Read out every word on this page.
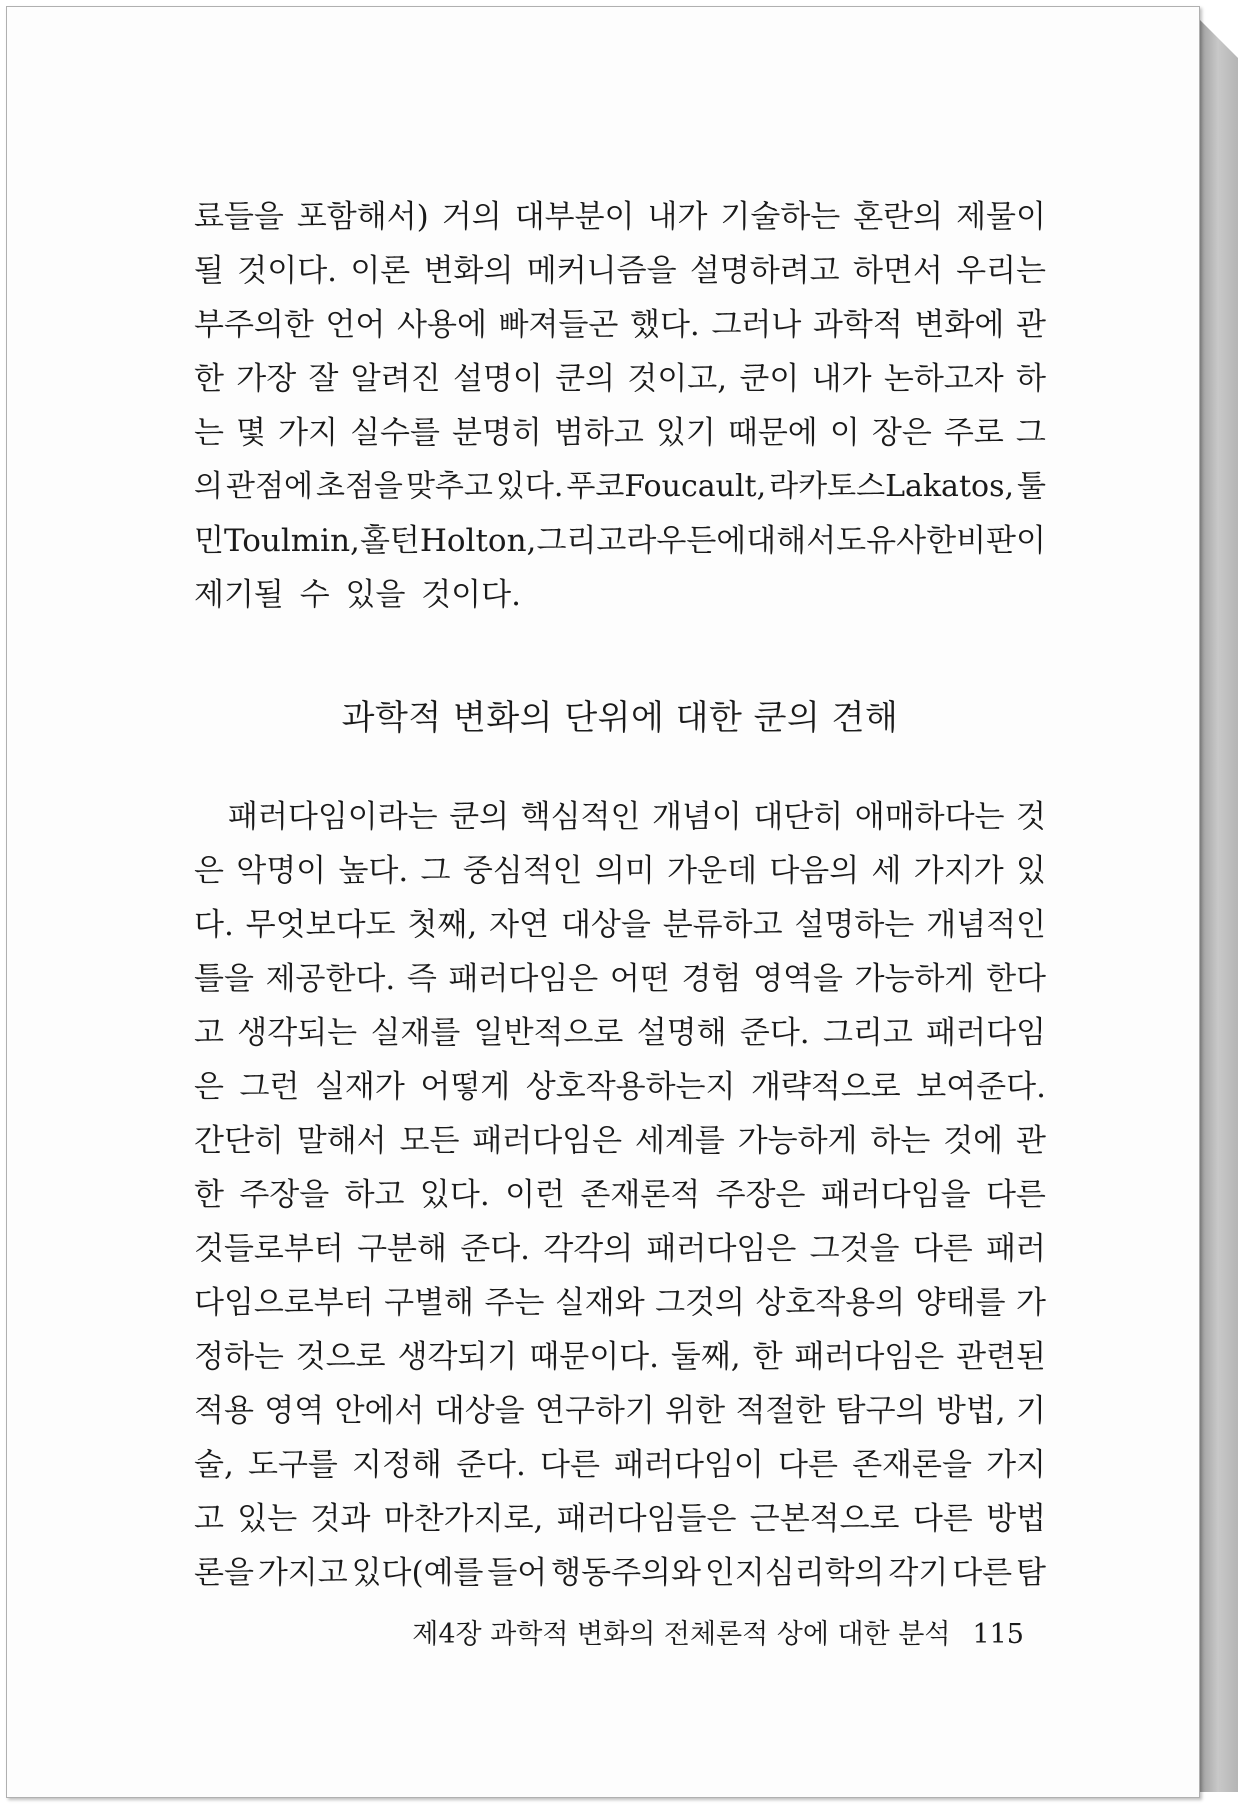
료들을 포함해서) 거의 대부분이 내가 기술하는 혼란의 제물이
될 것이다. 이론 변화의 메커니즘을 설명하려고 하면서 우리는
부주의한 언어 사용에 빠져들곤 했다. 그러나 과학적 변화에 관
한 가장 잘 알려진 설명이 쿤의 것이고, 쿤이 내가 논하고자 하
는 몇 가지 실수를 분명히 범하고 있기 때문에 이 장은 주로 그
의 관점에 초점을 맞추고 있다. 푸코Foucault, 라카토스Lakatos, 툴
민Toulmin, 홀턴Holton, 그리고 라우든에 대해서도 유사한 비판이
제기될 수 있을 것이다.
과학적 변화의 단위에 대한 쿤의 견해
패러다임이라는 쿤의 핵심적인 개념이 대단히 애매하다는 것
은 악명이 높다. 그 중심적인 의미 가운데 다음의 세 가지가 있
다. 무엇보다도 첫째, 자연 대상을 분류하고 설명하는 개념적인
틀을 제공한다. 즉 패러다임은 어떤 경험 영역을 가능하게 한다
고 생각되는 실재를 일반적으로 설명해 준다. 그리고 패러다임
은 그런 실재가 어떻게 상호작용하는지 개략적으로 보여준다.
간단히 말해서 모든 패러다임은 세계를 가능하게 하는 것에 관
한 주장을 하고 있다. 이런 존재론적 주장은 패러다임을 다른
것들로부터 구분해 준다. 각각의 패러다임은 그것을 다른 패러
다임으로부터 구별해 주는 실재와 그것의 상호작용의 양태를 가
정하는 것으로 생각되기 때문이다. 둘째, 한 패러다임은 관련된
적용 영역 안에서 대상을 연구하기 위한 적절한 탐구의 방법, 기
술, 도구를 지정해 준다. 다른 패러다임이 다른 존재론을 가지
고 있는 것과 마찬가지로, 패러다임들은 근본적으로 다른 방법
론을 가지고 있다(예를 들어 행동주의와 인지심리학의 각기 다른 탐
제4장 과학적 변화의 전체론적 상에 대한 분석 115
